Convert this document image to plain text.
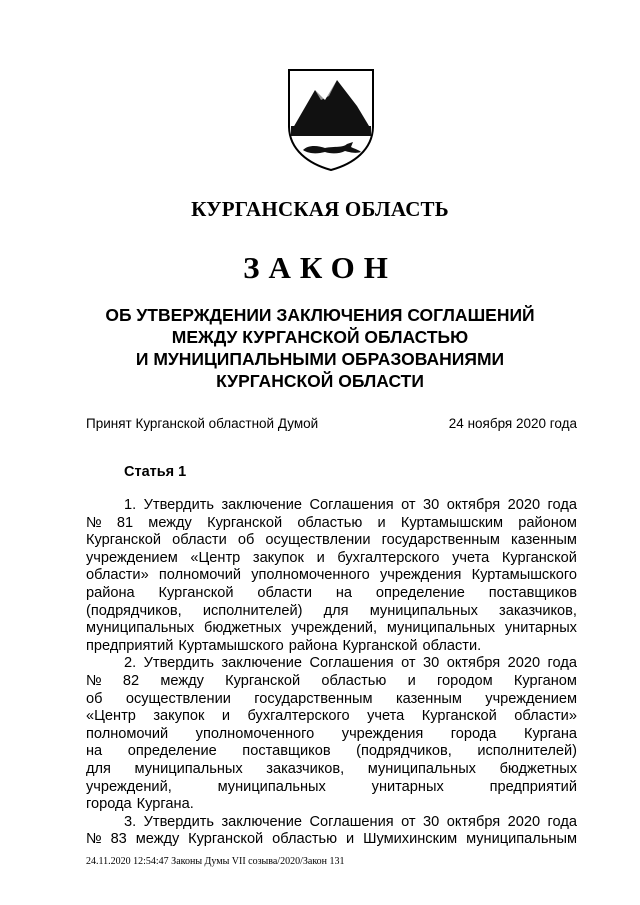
КУРГАНСКАЯ ОБЛАСТЬ
ЗАКОН
ОБ УТВЕРЖДЕНИИ ЗАКЛЮЧЕНИЯ СОГЛАШЕНИЙ
МЕЖДУ КУРГАНСКОЙ ОБЛАСТЬЮ
И МУНИЦИПАЛЬНЫМИ ОБРАЗОВАНИЯМИ
КУРГАНСКОЙ ОБЛАСТИ
Принят Курганской областной Думой	24 ноября 2020 года
Статья 1
1. Утвердить заключение Соглашения от 30 октября 2020 года
№ 81 между Курганской областью и Куртамышским районом
Курганской области об осуществлении государственным казенным
учреждением «Центр закупок и бухгалтерского учета Курганской
области» полномочий уполномоченного учреждения Куртамышского
района Курганской области на определение поставщиков
(подрядчиков, исполнителей) для муниципальных заказчиков,
муниципальных бюджетных учреждений, муниципальных унитарных
предприятий Куртамышского района Курганской области.
2. Утвердить заключение Соглашения от 30 октября 2020 года
№ 82 между Курганской областью и городом Курганом
об осуществлении государственным казенным учреждением
«Центр закупок и бухгалтерского учета Курганской области»
полномочий уполномоченного учреждения города Кургана
на определение поставщиков (подрядчиков, исполнителей)
для муниципальных заказчиков, муниципальных бюджетных
учреждений,	муниципальных	унитарных	предприятий
города Кургана.
3. Утвердить заключение Соглашения от 30 октября 2020 года
№ 83 между Курганской областью и Шумихинским муниципальным
24.11.2020 12:54:47 Законы Думы VII созыва/2020/Закон 131
